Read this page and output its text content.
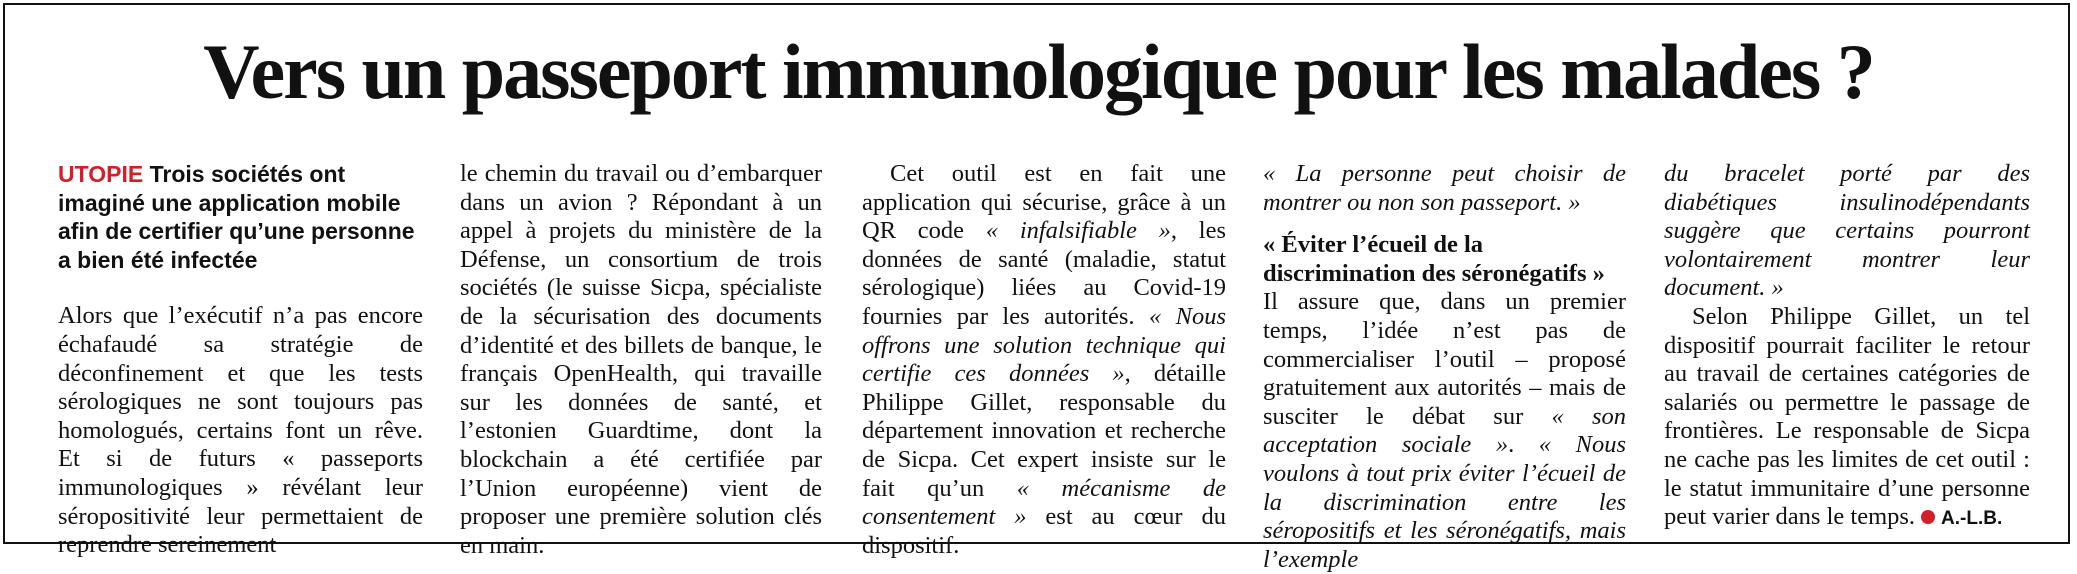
Vers un passeport immunologique pour les malades ?

UTOPIE Trois sociétés ont imaginé une application mobile afin de certifier qu’une personne a bien été infectée

Alors que l’exécutif n’a pas encore échafaudé sa stratégie de déconfinement et que les tests sérologiques ne sont toujours pas homologués, certains font un rêve. Et si de futurs « passeports immunologiques » révélant leur séropositivité leur permettaient de reprendre sereinement

le chemin du travail ou d’embarquer dans un avion ? Répondant à un appel à projets du ministère de la Défense, un consortium de trois sociétés (le suisse Sicpa, spécialiste de la sécurisation des documents d’identité et des billets de banque, le français OpenHealth, qui travaille sur les données de santé, et l’estonien Guardtime, dont la blockchain a été certifiée par l’Union européenne) vient de proposer une première solution clés en main.

Cet outil est en fait une application qui sécurise, grâce à un QR code « infalsifiable », les données de santé (maladie, statut sérologique) liées au Covid-19 fournies par les autorités. « Nous offrons une solution technique qui certifie ces données », détaille Philippe Gillet, responsable du département innovation et recherche de Sicpa. Cet expert insiste sur le fait qu’un « mécanisme de consentement » est au cœur du dispositif.

« La personne peut choisir de montrer ou non son passeport. »

« Éviter l’écueil de la discrimination des séronégatifs »

Il assure que, dans un premier temps, l’idée n’est pas de commercialiser l’outil – proposé gratuitement aux autorités – mais de susciter le débat sur « son acceptation sociale ». « Nous voulons à tout prix éviter l’écueil de la discrimination entre les séropositifs et les séronégatifs, mais l’exemple

du bracelet porté par des diabétiques insulinodépendants suggère que certains pourront volontairement montrer leur document. »

Selon Philippe Gillet, un tel dispositif pourrait faciliter le retour au travail de certaines catégories de salariés ou permettre le passage de frontières. Le responsable de Sicpa ne cache pas les limites de cet outil : le statut immunitaire d’une personne peut varier dans le temps. A.-L.B.
